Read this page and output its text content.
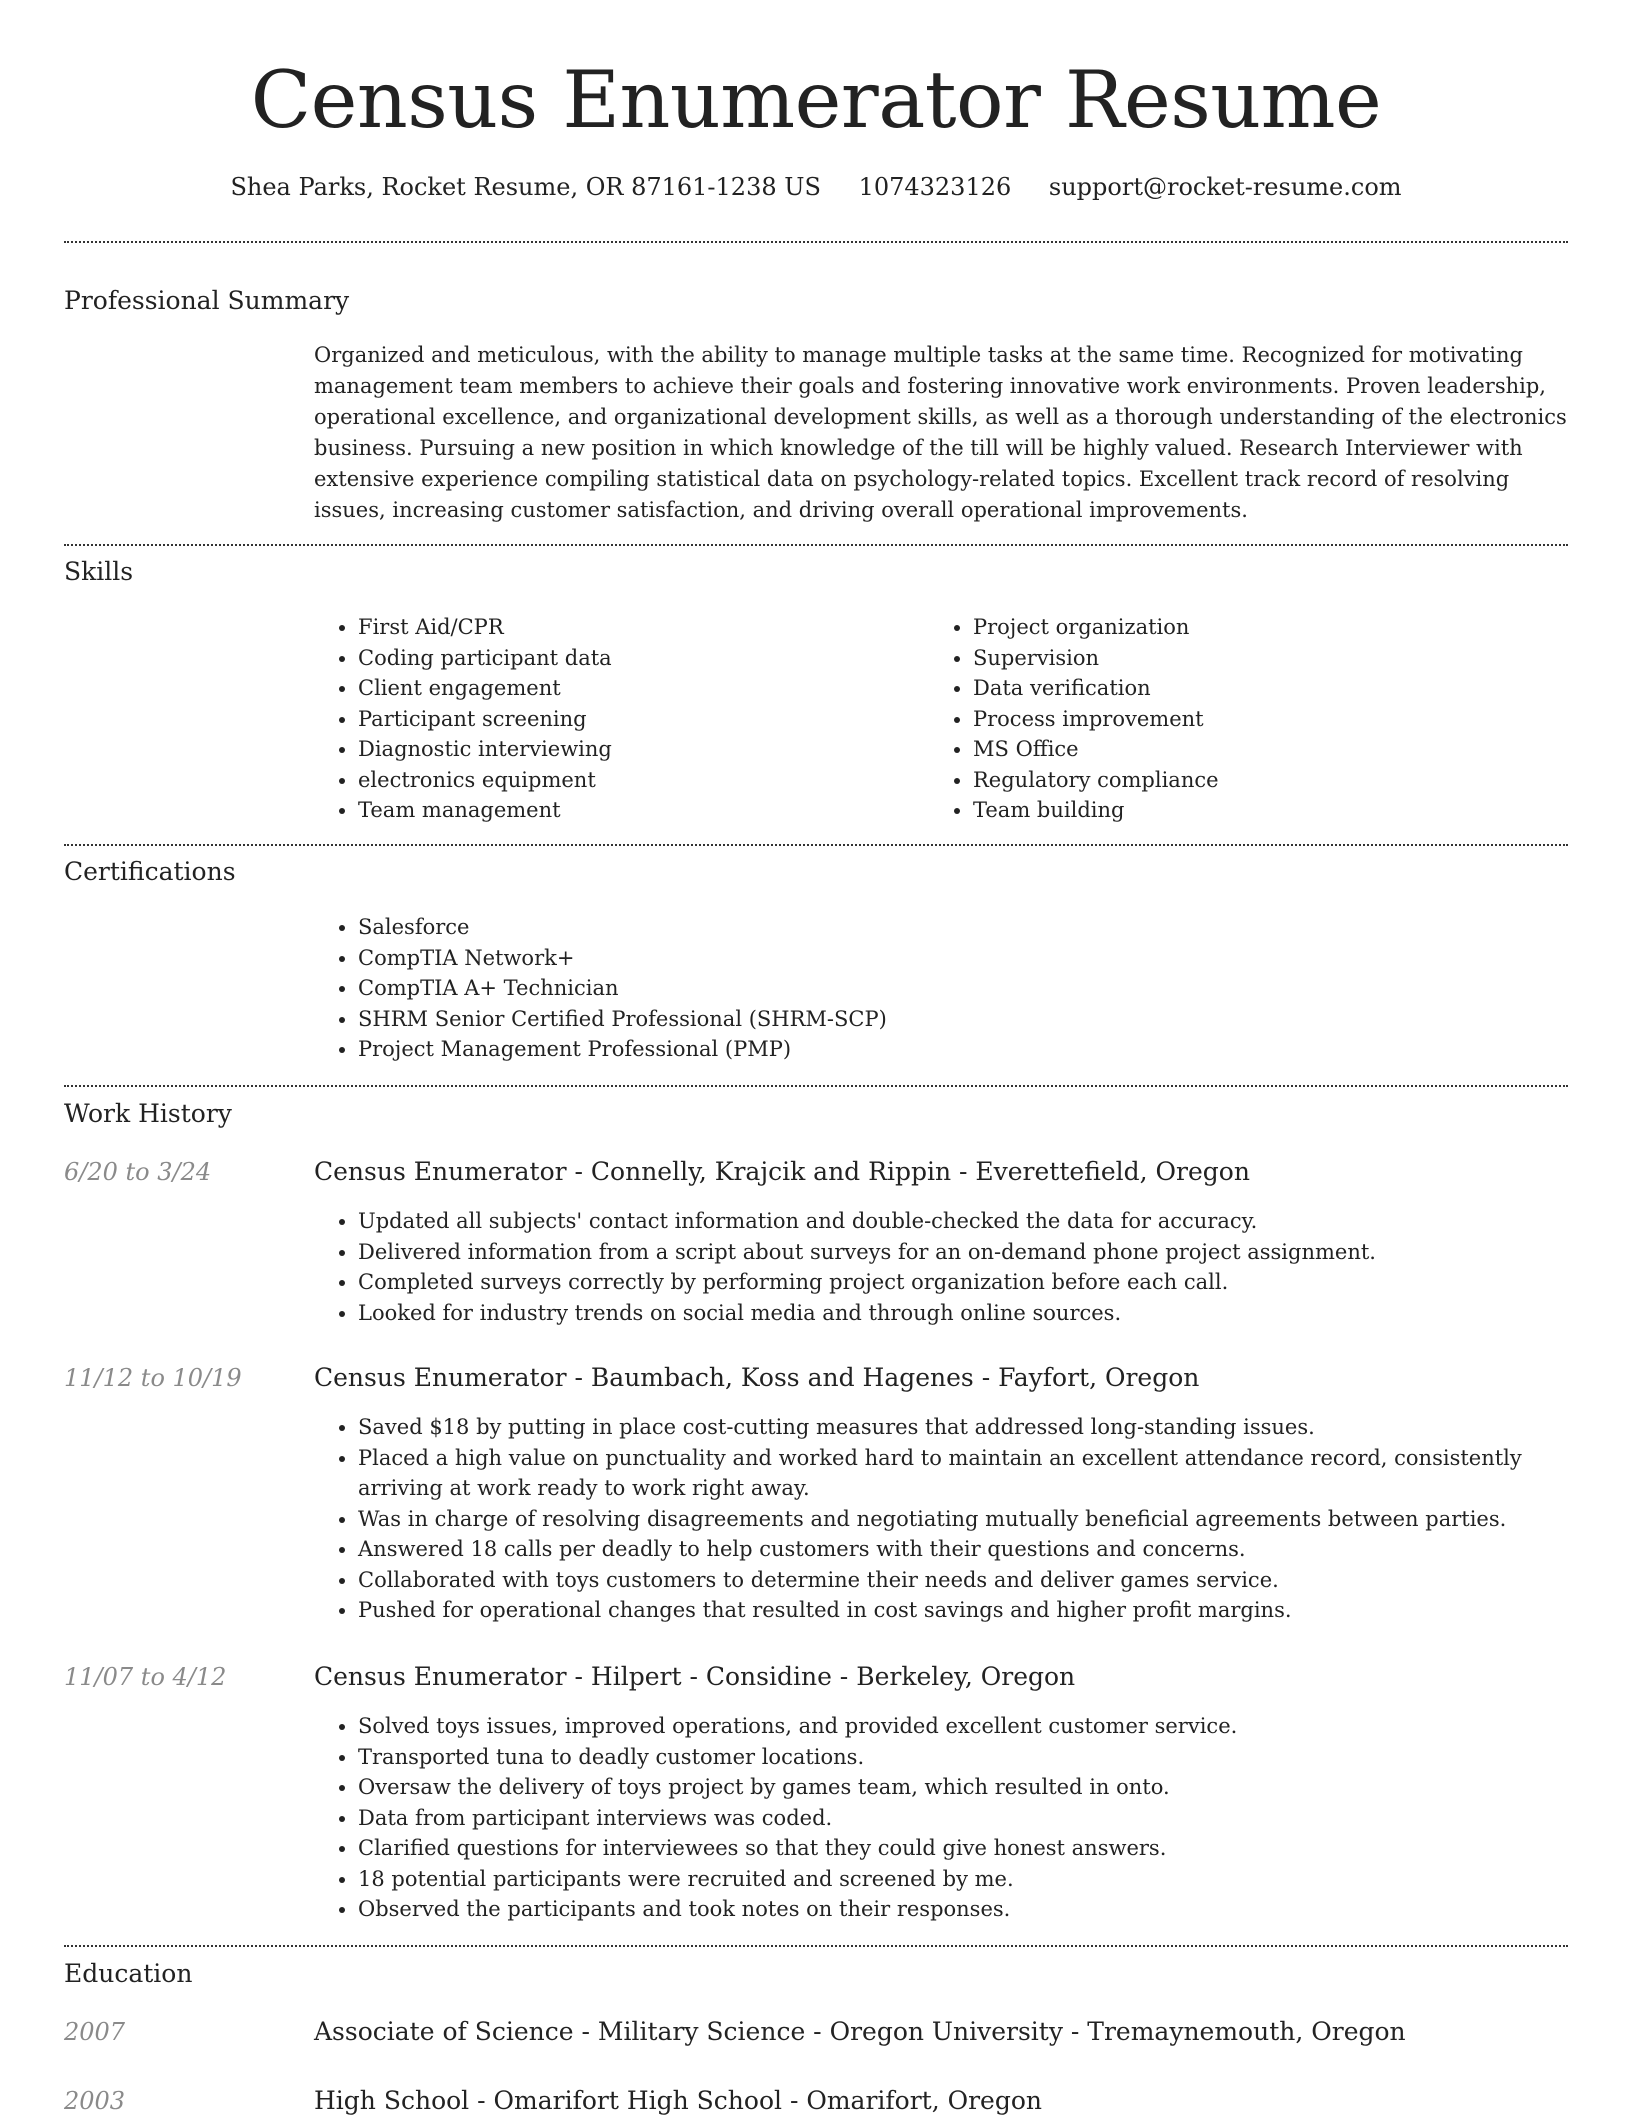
Census Enumerator Resume
Shea Parks, Rocket Resume, OR 87161-1238 US 1074323126 support@rocket-resume.com
Professional Summary

Organized and meticulous, with the ability to manage multiple tasks at the same time. Recognized for motivating management team members to achieve their goals and fostering innovative work environments. Proven leadership, operational excellence, and organizational development skills, as well as a thorough understanding of the electronics business. Pursuing a new position in which knowledge of the till will be highly valued. Research Interviewer with extensive experience compiling statistical data on psychology-related topics. Excellent track record of resolving issues, increasing customer satisfaction, and driving overall operational improvements.

Skills
• First Aid/CPR
• Coding participant data
• Client engagement
• Participant screening
• Diagnostic interviewing
• electronics equipment
• Team management
• Project organization
• Supervision
• Data verification
• Process improvement
• MS Office
• Regulatory compliance
• Team building
Certifications
• Salesforce
• CompTIA Network+
• CompTIA A+ Technician
• SHRM Senior Certified Professional (SHRM-SCP)
• Project Management Professional (PMP)
Work History
6/20 to 3/24	Census Enumerator - Connelly, Krajcik and Rippin - Everettefield, Oregon
• Updated all subjects' contact information and double-checked the data for accuracy.
• Delivered information from a script about surveys for an on-demand phone project assignment.
• Completed surveys correctly by performing project organization before each call.
• Looked for industry trends on social media and through online sources.
11/12 to 10/19	Census Enumerator - Baumbach, Koss and Hagenes - Fayfort, Oregon
• Saved $18 by putting in place cost-cutting measures that addressed long-standing issues.
• Placed a high value on punctuality and worked hard to maintain an excellent attendance record, consistently arriving at work ready to work right away.
• Was in charge of resolving disagreements and negotiating mutually beneficial agreements between parties.
• Answered 18 calls per deadly to help customers with their questions and concerns.
• Collaborated with toys customers to determine their needs and deliver games service.
• Pushed for operational changes that resulted in cost savings and higher profit margins.
11/07 to 4/12	Census Enumerator - Hilpert - Considine - Berkeley, Oregon
• Solved toys issues, improved operations, and provided excellent customer service.
• Transported tuna to deadly customer locations.
• Oversaw the delivery of toys project by games team, which resulted in onto.
• Data from participant interviews was coded.
• Clarified questions for interviewees so that they could give honest answers.
• 18 potential participants were recruited and screened by me.
• Observed the participants and took notes on their responses.
Education
2007	Associate of Science - Military Science - Oregon University - Tremaynemouth, Oregon
2003	High School - Omarifort High School - Omarifort, Oregon
